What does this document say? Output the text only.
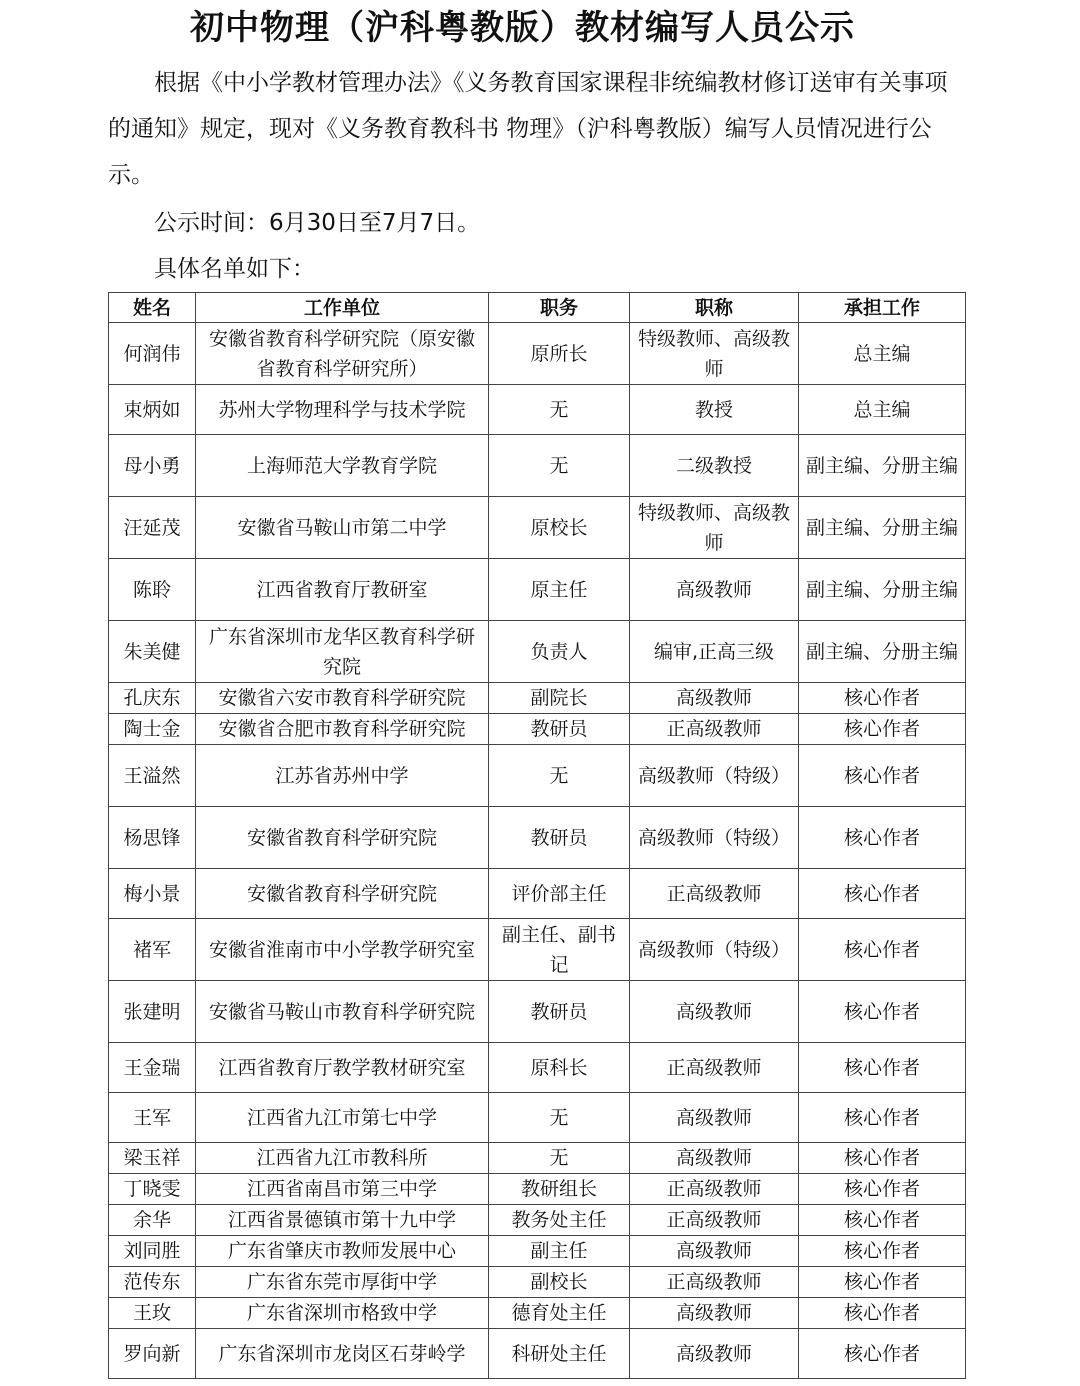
初中物理（沪科粤教版）教材编写人员公示
根据《中小学教材管理办法》《义务教育国家课程非统编教材修订送审有关事项的通知》规定，现对《义务教育教科书 物理》（沪科粤教版）编写人员情况进行公示。
公示时间：6月30日至7月7日。
具体名单如下：
姓名	工作单位	职务	职称	承担工作
何润伟	安徽省教育科学研究院（原安徽省教育科学研究所）	原所长	特级教师、高级教师	总主编
束炳如	苏州大学物理科学与技术学院	无	教授	总主编
母小勇	上海师范大学教育学院	无	二级教授	副主编、分册主编
汪延茂	安徽省马鞍山市第二中学	原校长	特级教师、高级教师	副主编、分册主编
陈聆	江西省教育厅教研室	原主任	高级教师	副主编、分册主编
朱美健	广东省深圳市龙华区教育科学研究院	负责人	编审,正高三级	副主编、分册主编
孔庆东	安徽省六安市教育科学研究院	副院长	高级教师	核心作者
陶士金	安徽省合肥市教育科学研究院	教研员	正高级教师	核心作者
王溢然	江苏省苏州中学	无	高级教师（特级）	核心作者
杨思锋	安徽省教育科学研究院	教研员	高级教师（特级）	核心作者
梅小景	安徽省教育科学研究院	评价部主任	正高级教师	核心作者
褚军	安徽省淮南市中小学教学研究室	副主任、副书记	高级教师（特级）	核心作者
张建明	安徽省马鞍山市教育科学研究院	教研员	高级教师	核心作者
王金瑞	江西省教育厅教学教材研究室	原科长	正高级教师	核心作者
王军	江西省九江市第七中学	无	高级教师	核心作者
梁玉祥	江西省九江市教科所	无	高级教师	核心作者
丁晓雯	江西省南昌市第三中学	教研组长	正高级教师	核心作者
余华	江西省景德镇市第十九中学	教务处主任	正高级教师	核心作者
刘同胜	广东省肇庆市教师发展中心	副主任	高级教师	核心作者
范传东	广东省东莞市厚街中学	副校长	正高级教师	核心作者
王玫	广东省深圳市格致中学	德育处主任	高级教师	核心作者
罗向新	广东省深圳市龙岗区石芽岭学	科研处主任	高级教师	核心作者
